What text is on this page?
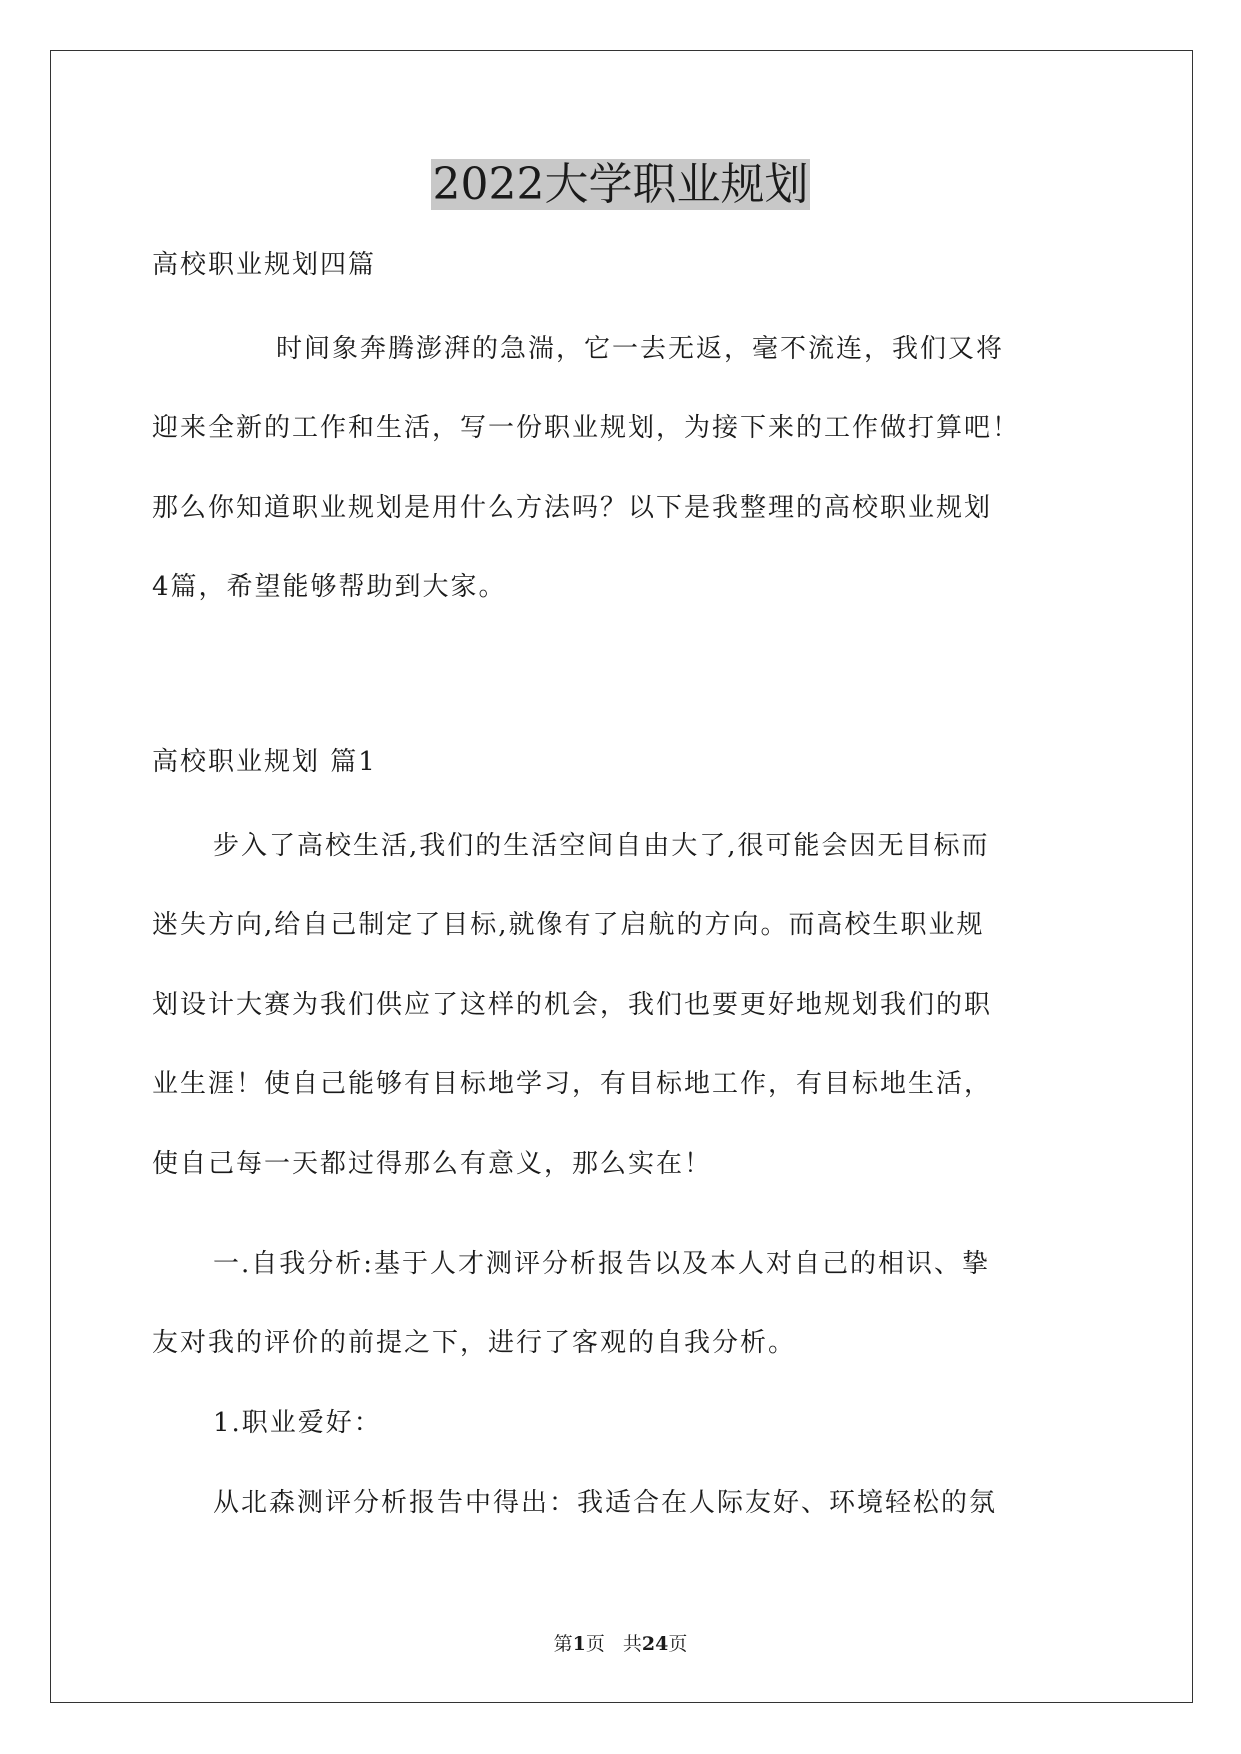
2022大学职业规划
高校职业规划四篇
时间象奔腾澎湃的急湍，它一去无返，毫不流连，我们又将
迎来全新的工作和生活，写一份职业规划，为接下来的工作做打算吧！
那么你知道职业规划是用什么方法吗？以下是我整理的高校职业规划
4篇，希望能够帮助到大家。
高校职业规划 篇1
步入了高校生活,我们的生活空间自由大了,很可能会因无目标而
迷失方向,给自己制定了目标,就像有了启航的方向。而高校生职业规
划设计大赛为我们供应了这样的机会，我们也要更好地规划我们的职
业生涯！使自己能够有目标地学习，有目标地工作，有目标地生活，
使自己每一天都过得那么有意义，那么实在！
一.自我分析:基于人才测评分析报告以及本人对自己的相识、挚
友对我的评价的前提之下，进行了客观的自我分析。
1.职业爱好：
从北森测评分析报告中得出：我适合在人际友好、环境轻松的氛
第1页 共24页
